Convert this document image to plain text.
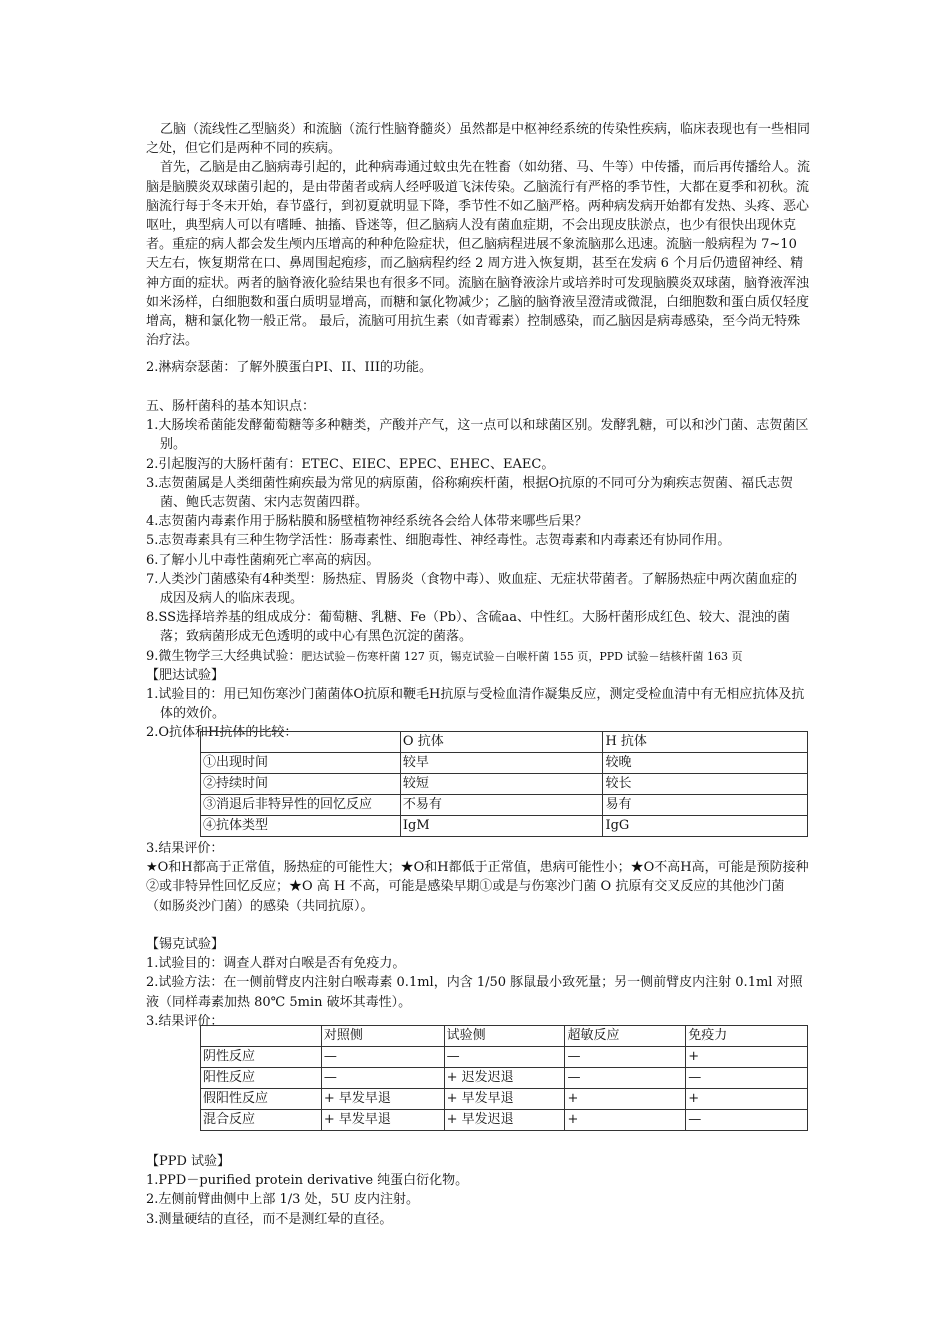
乙脑（流线性乙型脑炎）和流脑（流行性脑脊髓炎）虽然都是中枢神经系统的传染性疾病，临床表现也有一些相同之处，但它们是两种不同的疾病。

首先，乙脑是由乙脑病毒引起的，此种病毒通过蚊虫先在牲畜（如幼猪、马、牛等）中传播，而后再传播给人。流脑是脑膜炎双球菌引起的，是由带菌者或病人经呼吸道飞沫传染。乙脑流行有严格的季节性，大都在夏季和初秋。流脑流行每于冬末开始，春节盛行，到初夏就明显下降，季节性不如乙脑严格。两种病发病开始都有发热、头疼、恶心呕吐，典型病人可以有嗜睡、抽搐、昏迷等，但乙脑病人没有菌血症期，不会出现皮肤淤点，也少有很快出现休克者。重症的病人都会发生颅内压增高的种种危险症状，但乙脑病程进展不象流脑那么迅速。流脑一般病程为 7~10 天左右，恢复期常在口、鼻周围起疱疹，而乙脑病程约经 2 周方进入恢复期，甚至在发病 6 个月后仍遗留神经、精神方面的症状。两者的脑脊液化验结果也有很多不同。流脑在脑脊液涂片或培养时可发现脑膜炎双球菌，脑脊液浑浊如米汤样，白细胞数和蛋白质明显增高，而糖和氯化物减少；乙脑的脑脊液呈澄清或微混，白细胞数和蛋白质仅轻度增高，糖和氯化物一般正常。 最后，流脑可用抗生素（如青霉素）控制感染，而乙脑因是病毒感染，至今尚无特殊治疗法。

2.淋病奈瑟菌：了解外膜蛋白PI、II、III的功能。

五、肠杆菌科的基本知识点：

1.大肠埃希菌能发酵葡萄糖等多种糖类，产酸并产气，这一点可以和球菌区别。发酵乳糖，可以和沙门菌、志贺菌区别。

2.引起腹泻的大肠杆菌有：ETEC、EIEC、EPEC、EHEC、EAEC。

3.志贺菌属是人类细菌性痢疾最为常见的病原菌，俗称痢疾杆菌，根据O抗原的不同可分为痢疾志贺菌、福氏志贺菌、鲍氏志贺菌、宋内志贺菌四群。

4.志贺菌内毒素作用于肠粘膜和肠壁植物神经系统各会给人体带来哪些后果？

5.志贺毒素具有三种生物学活性：肠毒素性、细胞毒性、神经毒性。志贺毒素和内毒素还有协同作用。

6.了解小儿中毒性菌痢死亡率高的病因。

7.人类沙门菌感染有4种类型：肠热症、胃肠炎（食物中毒）、败血症、无症状带菌者。了解肠热症中两次菌血症的成因及病人的临床表现。

8.SS选择培养基的组成成分：葡萄糖、乳糖、Fe（Pb）、含硫aa、中性红。大肠杆菌形成红色、较大、混浊的菌落；致病菌形成无色透明的或中心有黑色沉淀的菌落。

9.微生物学三大经典试验：肥达试验－伤寒杆菌 127 页，锡克试验－白喉杆菌 155 页，PPD 试验－结核杆菌 163 页

【肥达试验】

1.试验目的：用已知伤寒沙门菌菌体O抗原和鞭毛H抗原与受检血清作凝集反应，测定受检血清中有无相应抗体及抗体的效价。

2.O抗体和H抗体的比较：

	O 抗体	H 抗体
①出现时间	较早	较晚
②持续时间	较短	较长
③消退后非特异性的回忆反应	不易有	易有
④抗体类型	IgM	IgG

3.结果评价：

★O和H都高于正常值，肠热症的可能性大；★O和H都低于正常值，患病可能性小；★O不高H高，可能是预防接种②或非特异性回忆反应；★O 高 H 不高，可能是感染早期①或是与伤寒沙门菌 O 抗原有交叉反应的其他沙门菌（如肠炎沙门菌）的感染（共同抗原）。

【锡克试验】

1.试验目的：调查人群对白喉是否有免疫力。

2.试验方法：在一侧前臂皮内注射白喉毒素 0.1ml，内含 1/50 豚鼠最小致死量；另一侧前臂皮内注射 0.1ml 对照液（同样毒素加热 80℃ 5min 破坏其毒性）。

3.结果评价：

	对照侧	试验侧	超敏反应	免疫力
阴性反应	—	—	—	+
阳性反应	—	+ 迟发迟退	—	—
假阳性反应	+ 早发早退	+ 早发早退	+	+
混合反应	+ 早发早退	+ 早发迟退	+	—

【PPD 试验】

1.PPD－purified protein derivative 纯蛋白衍化物。

2.左侧前臂曲侧中上部 1/3 处，5U 皮内注射。

3.测量硬结的直径，而不是测红晕的直径。
